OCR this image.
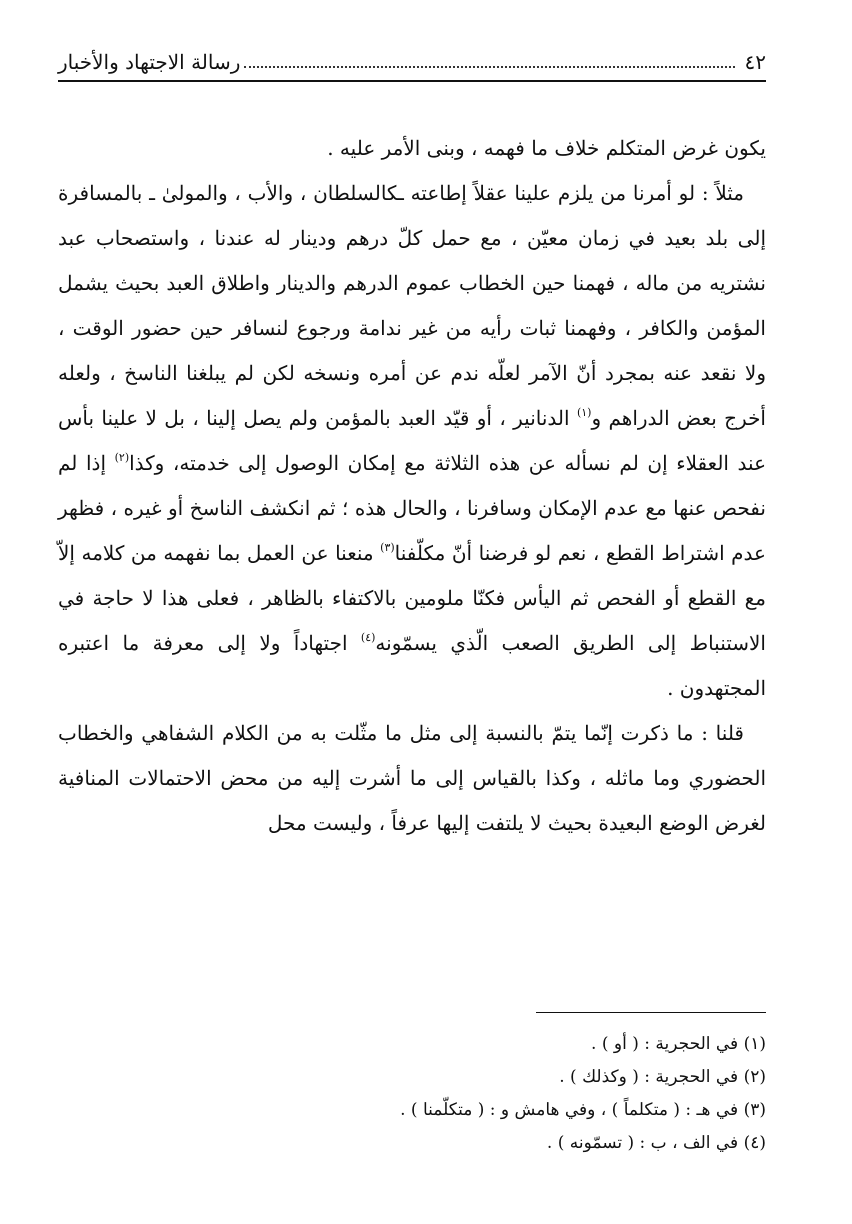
٤٢
رسالة الاجتهاد والأخبار

يكون غرض المتكلم خلاف ما فهمه ، وبنى الأمر عليه .

مثلاً : لو أمرنا من يلزم علينا عقلاً إطاعته ـكالسلطان ، والأب ، والمولىٰ ـ بالمسافرة إلى بلد بعيد في زمان معيّن ، مع حمل كلّ درهم ودينار له عندنا ، واستصحاب عبد نشتريه من ماله ، فهمنا حين الخطاب عموم الدرهم والدينار واطلاق العبد بحيث يشمل المؤمن والكافر ، وفهمنا ثبات رأيه من غير ندامة ورجوع لنسافر حين حضور الوقت ، ولا نقعد عنه بمجرد أنّ الآمر لعلّه ندم عن أمره ونسخه لكن لم يبلغنا الناسخ ، ولعله أخرج بعض الدراهم و$^{(١)}$ الدنانير ، أو قيّد العبد بالمؤمن ولم يصل إلينا ، بل لا علينا بأس عند العقلاء إن لم نسأله عن هذه الثلاثة مع إمكان الوصول إلى خدمته، وكذا$^{(٢)}$ إذا لم نفحص عنها مع عدم الإمكان وسافرنا ، والحال هذه ؛ ثم انكشف الناسخ أو غيره ، فظهر عدم اشتراط القطع ، نعم لو فرضنا أنّ مكلّفنا$^{(٣)}$ منعنا عن العمل بما نفهمه من كلامه إلاّ مع القطع أو الفحص ثم اليأس فكنّا ملومين بالاكتفاء بالظاهر ، فعلى هذا لا حاجة في الاستنباط إلى الطريق الصعب الّذي يسمّونه$^{(٤)}$ اجتهاداً ولا إلى معرفة ما اعتبره المجتهدون .

قلنا : ما ذكرت إنّما يتمّ بالنسبة إلى مثل ما مثّلت به من الكلام الشفاهي والخطاب الحضوري وما ماثله ، وكذا بالقياس إلى ما أشرت إليه من محض الاحتمالات المنافية لغرض الوضع البعيدة بحيث لا يلتفت إليها عرفاً ، وليست محل

(١) في الحجرية : ( أو ) .
(٢) في الحجرية : ( وكذلك ) .
(٣) في هـ : ( متكلماً ) ، وفي هامش و : ( متكلّمنا ) .
(٤) في الف ، ب : ( تسمّونه ) .
